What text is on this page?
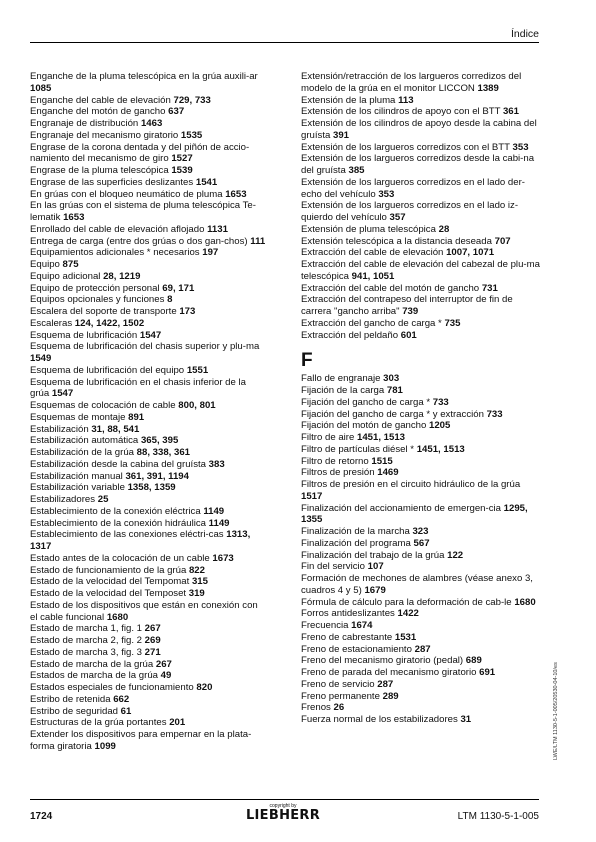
Índice

Enganche de la pluma telescópica en la grúa auxili-ar 1085

Enganche del cable de elevación 729, 733

Enganche del motón de gancho 637

Engranaje de distribución 1463

Engranaje del mecanismo giratorio 1535

Engrase de la corona dentada y del piñón de accio-namiento del mecanismo de giro 1527

Engrase de la pluma telescópica 1539

Engrase de las superficies deslizantes 1541

En grúas con el bloqueo neumático de pluma 1653

En las grúas con el sistema de pluma telescópica Te-lematik 1653

Enrollado del cable de elevación aflojado 1131

Entrega de carga (entre dos grúas o dos gan-chos) 111

Equipamientos adicionales * necesarios 197

Equipo 875

Equipo adicional 28, 1219

Equipo de protección personal 69, 171

Equipos opcionales y funciones 8

Escalera del soporte de transporte 173

Escaleras 124, 1422, 1502

Esquema de lubrificación 1547

Esquema de lubrificación del chasis superior y plu-ma 1549

Esquema de lubrificación del equipo 1551

Esquema de lubrificación en el chasis inferior de la grúa 1547

Esquemas de colocación de cable 800, 801

Esquemas de montaje 891

Estabilización 31, 88, 541

Estabilización automática 365, 395

Estabilización de la grúa 88, 338, 361

Estabilización desde la cabina del gruísta 383

Estabilización manual 361, 391, 1194

Estabilización variable 1358, 1359

Estabilizadores 25

Establecimiento de la conexión eléctrica 1149

Establecimiento de la conexión hidráulica 1149

Establecimiento de las conexiones eléctri-cas 1313, 1317

Estado antes de la colocación de un cable 1673

Estado de funcionamiento de la grúa 822

Estado de la velocidad del Tempomat 315

Estado de la velocidad del Temposet 319

Estado de los dispositivos que están en conexión con el cable funcional 1680

Estado de marcha 1, fig. 1 267

Estado de marcha 2, fig. 2 269

Estado de marcha 3, fig. 3 271

Estado de marcha de la grúa 267

Estados de marcha de la grúa 49

Estados especiales de funcionamiento 820

Estribo de retenida 662

Estribo de seguridad 61

Estructuras de la grúa portantes 201

Extender los dispositivos para empernar en la plata-forma giratoria 1099

Extensión/retracción de los largueros corredizos del modelo de la grúa en el monitor LICCON 1389

Extensión de la pluma 113

Extensión de los cilindros de apoyo con el BTT 361

Extensión de los cilindros de apoyo desde la cabina del gruísta 391

Extensión de los largueros corredizos con el BTT 353

Extensión de los largueros corredizos desde la cabi-na del gruísta 385

Extensión de los largueros corredizos en el lado der-echo del vehículo 353

Extensión de los largueros corredizos en el lado iz-quierdo del vehículo 357

Extensión de pluma telescópica 28

Extensión telescópica a la distancia deseada 707

Extracción del cable de elevación 1007, 1071

Extracción del cable de elevación del cabezal de plu-ma telescópica 941, 1051

Extracción del cable del motón de gancho 731

Extracción del contrapeso del interruptor de fin de carrera "gancho arriba" 739

Extracción del gancho de carga * 735

Extracción del peldaño 601

F

Fallo de engranaje 303

Fijación de la carga 781

Fijación del gancho de carga * 733

Fijación del gancho de carga * y extracción 733

Fijación del motón de gancho 1205

Filtro de aire 1451, 1513

Filtro de partículas diésel * 1451, 1513

Filtro de retorno 1515

Filtros de presión 1469

Filtros de presión en el circuito hidráulico de la grúa 1517

Finalización del accionamiento de emergen-cia 1295, 1355

Finalización de la marcha 323

Finalización del programa 567

Finalización del trabajo de la grúa 122

Fin del servicio 107

Formación de mechones de alambres (véase anexo 3, cuadros 4 y 5) 1679

Fórmula de cálculo para la deformación de cab-le 1680

Forros antideslizantes 1422

Frecuencia 1674

Freno de cabrestante 1531

Freno de estacionamiento 287

Freno del mecanismo giratorio (pedal) 689

Freno de parada del mecanismo giratorio 691

Freno de servicio 287

Freno permanente 289

Frenos 26

Fuerza normal de los estabilizadores 31	LWE/LTM 1130-5-1-005/20530-04-10/es
1724
copyright by
LIEBHERR	LTM 1130-5-1-005
